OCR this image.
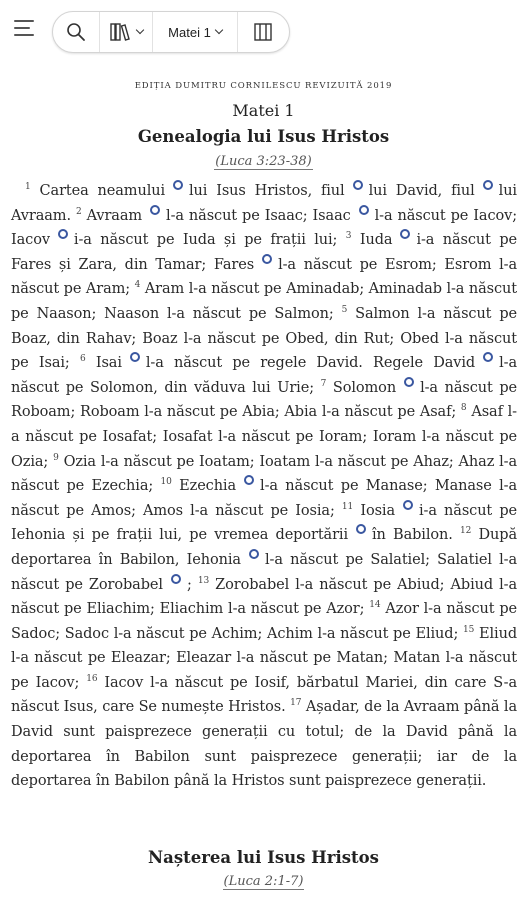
Matei 1
EDIȚIA DUMITRU CORNILESCU REVIZUITĂ 2019
Matei 1
Genealogia lui Isus Hristos
(Luca 3:23-38)
$^1$ Cartea neamului lui Isus Hristos, fiul lui David, fiul lui Avraam. $^2$ Avraam l-a născut pe Isaac; Isaac l-a născut pe Iacov; Iacov i-a născut pe Iuda și pe frații lui; $^3$ Iuda i-a născut pe Fares și Zara, din Tamar; Fares l-a născut pe Esrom; Esrom l-a născut pe Aram; $^4$ Aram l-a născut pe Aminadab; Aminadab l-a născut pe Naason; Naason l-a născut pe Salmon; $^5$ Salmon l-a născut pe Boaz, din Rahav; Boaz l-a născut pe Obed, din Rut; Obed l-a născut pe Isai; $^6$ Isai l-a născut pe regele David. Regele David l-a născut pe Solomon, din văduva lui Urie; $^7$ Solomon l-a născut pe Roboam; Roboam l-a născut pe Abia; Abia l-a născut pe Asaf; $^8$ Asaf l-a născut pe Iosafat; Iosafat l-a născut pe Ioram; Ioram l-a născut pe Ozia; $^9$ Ozia l-a născut pe Ioatam; Ioatam l-a născut pe Ahaz; Ahaz l-a născut pe Ezechia; $^{10}$ Ezechia l-a născut pe Manase; Manase l-a născut pe Amos; Amos l-a născut pe Iosia; $^{11}$ Iosia i-a născut pe Iehonia și pe frații lui, pe vremea deportării în Babilon. $^{12}$ După deportarea în Babilon, Iehonia l-a născut pe Salatiel; Salatiel l-a născut pe Zorobabel ; $^{13}$ Zorobabel l-a născut pe Abiud; Abiud l-a născut pe Eliachim; Eliachim l-a născut pe Azor; $^{14}$ Azor l-a născut pe Sadoc; Sadoc l-a născut pe Achim; Achim l-a născut pe Eliud; $^{15}$ Eliud l-a născut pe Eleazar; Eleazar l-a născut pe Matan; Matan l-a născut pe Iacov; $^{16}$ Iacov l-a născut pe Iosif, bărbatul Mariei, din care S-a născut Isus, care Se numește Hristos. $^{17}$ Așadar, de la Avraam până la David sunt paisprezece generații cu totul; de la David până la deportarea în Babilon sunt paisprezece generații; iar de la deportarea în Babilon până la Hristos sunt paisprezece generații.
Nașterea lui Isus Hristos
(Luca 2:1-7)
